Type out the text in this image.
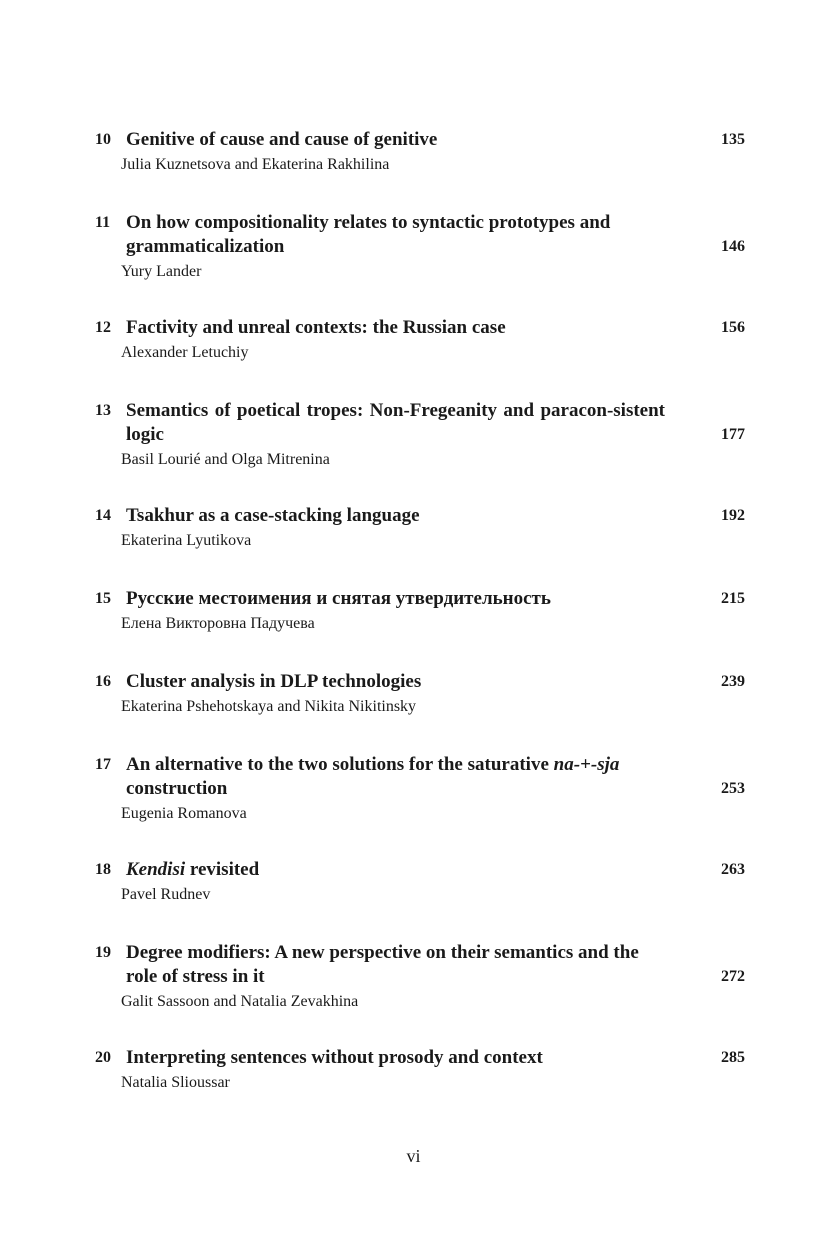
10 Genitive of cause and cause of genitive	135
Julia Kuznetsova and Ekaterina Rakhilina
11 On how compositionality relates to syntactic prototypes and grammaticalization	146
Yury Lander
12 Factivity and unreal contexts: the Russian case	156
Alexander Letuchiy
13 Semantics of poetical tropes: Non-Fregeanity and paracon-sistent logic	177
Basil Lourié and Olga Mitrenina
14 Tsakhur as a case-stacking language	192
Ekaterina Lyutikova
15 Русские местоимения и снятая утвердительность	215
Елена Викторовна Падучева
16 Cluster analysis in DLP technologies	239
Ekaterina Pshehotskaya and Nikita Nikitinsky
17 An alternative to the two solutions for the saturative na-+-sja construction	253
Eugenia Romanova
18 Kendisi revisited	263
Pavel Rudnev
19 Degree modifiers: A new perspective on their semantics and the role of stress in it	272
Galit Sassoon and Natalia Zevakhina
20 Interpreting sentences without prosody and context	285
Natalia Slioussar
vi
